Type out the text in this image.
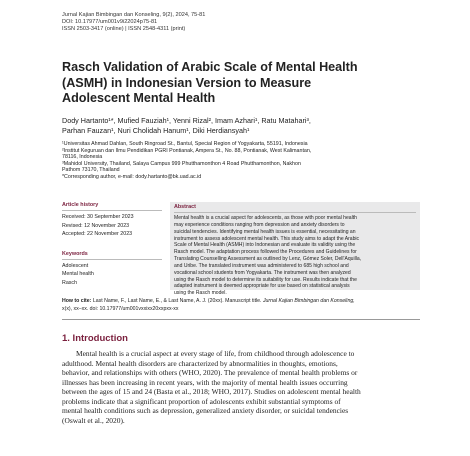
Jurnal Kajian Bimbingan dan Konseling, 9(2), 2024, 75-81
DOI: 10.17977/um001v9i22024p75-81
ISSN 2503-3417 (online) | ISSN 2548-4311 (print)
Rasch Validation of Arabic Scale of Mental Health
(ASMH) in Indonesian Version to Measure
Adolescent Mental Health
Dody Hartanto¹*, Mufied Fauziah¹, Yenni Rizal², Imam Azhari¹, Ratu Matahari³,
Parhan Fauzan¹, Nuri Cholidah Hanum¹, Diki Herdiansyah¹
¹Universitas Ahmad Dahlan, South Ringroad St., Bantul, Special Region of Yogyakarta, 55191, Indonesia
²Institut Keguruan dan Ilmu Pendidikan PGRI Pontianak, Ampera St., No. 88, Pontianak, West Kalimantan,
78116, Indonesia
³Mahidol University, Thailand, Salaya Campus 999 Phutthamonthon 4 Road Phutthamonthon, Nakhon
Pathom 73170, Thailand
*Corresponding author, e-mail: dody.hartanto@bk.uad.ac.id
Article history
Received: 30 September 2023
Revised: 12 November 2023
Accepted: 22 November 2023
Keywords
Adolescent
Mental health
Rasch
Abstract
Mental health is a crucial aspect for adolescents, as those with poor mental health
may experience conditions ranging from depression and anxiety disorders to
suicidal tendencies. Identifying mental health issues is essential, necessitating an
instrument to assess adolescent mental health. This study aims to adapt the Arabic
Scale of Mental Health (ASMH) into Indonesian and evaluate its validity using the
Rasch model. The adaptation process followed the Procedures and Guidelines for
Translating Counselling Assessment as outlined by Lenz, Gómez Soler, Dell'Aquilla,
and Uribe. The translated instrument was administered to 685 high school and
vocational school students from Yogyakarta. The instrument was then analyzed
using the Rasch model to determine its suitability for use. Results indicate that the
adapted instrument is deemed appropriate for use based on statistical analysis
using the Rasch model.
How to cite: Last Name, F., Last Name, E., & Last Name, A. J. (20xx). Manuscript title. Jurnal Kajian Bimbingan dan Konseling,
x(x), xx–xx. doi: 10.17977/um001vxxixx20xxpxx-xx
1. Introduction
Mental health is a crucial aspect at every stage of life, from childhood through adolescence to
adulthood. Mental health disorders are characterized by abnormalities in thoughts, emotions,
behavior, and relationships with others (WHO, 2020). The prevalence of mental health problems or
illnesses has been increasing in recent years, with the majority of mental health issues occurring
between the ages of 15 and 24 (Basta et al., 2018; WHO, 2017). Studies on adolescent mental health
problems indicate that a significant proportion of adolescents exhibit substantial symptoms of
mental health conditions such as depression, generalized anxiety disorder, or suicidal tendencies
(Oswalt et al., 2020).
